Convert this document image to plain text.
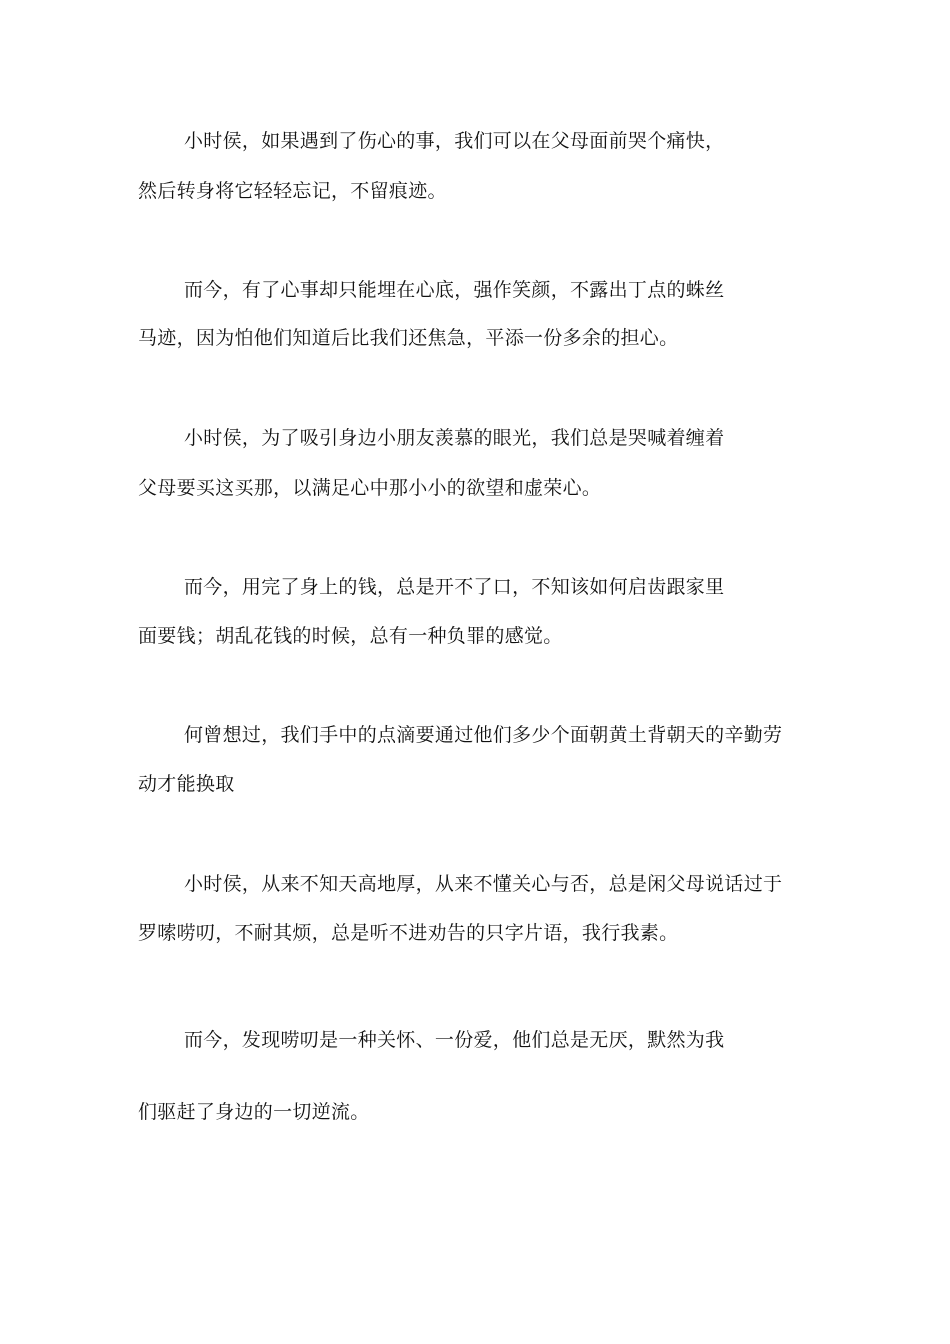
小时侯，如果遇到了伤心的事，我们可以在父母面前哭个痛快，
然后转身将它轻轻忘记，不留痕迹。
而今，有了心事却只能埋在心底，强作笑颜，不露出丁点的蛛丝
马迹，因为怕他们知道后比我们还焦急，平添一份多余的担心。
小时侯，为了吸引身边小朋友羡慕的眼光，我们总是哭喊着缠着
父母要买这买那，以满足心中那小小的欲望和虚荣心。
而今，用完了身上的钱，总是开不了口，不知该如何启齿跟家里
面要钱；胡乱花钱的时候，总有一种负罪的感觉。
何曾想过，我们手中的点滴要通过他们多少个面朝黄土背朝天的辛勤劳
动才能换取
小时侯，从来不知天高地厚，从来不懂关心与否，总是闲父母说话过于
罗嗦唠叨，不耐其烦，总是听不进劝告的只字片语，我行我素。
而今，发现唠叨是一种关怀、一份爱，他们总是无厌，默然为我
们驱赶了身边的一切逆流。
